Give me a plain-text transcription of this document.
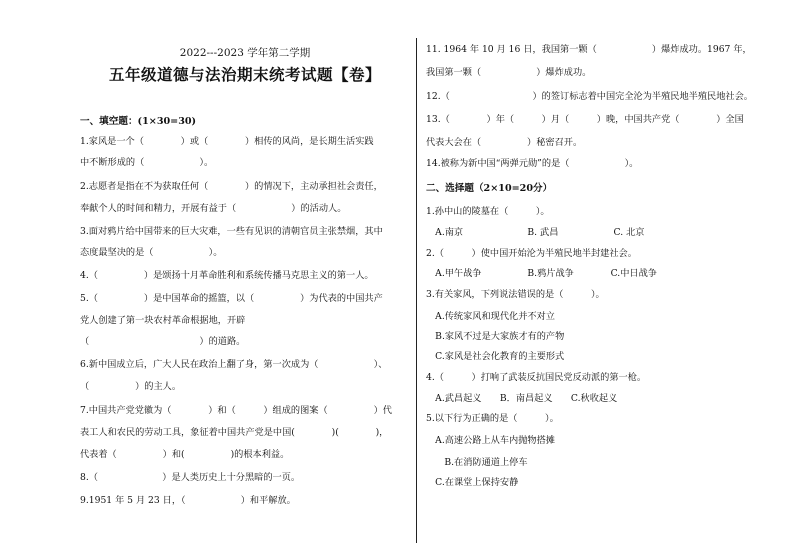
2022---2023 学年第二学期
五年级道德与法治期末统考试题【卷】
一、填空题：(1×30=30)
1.家风是一个（　　　　）或（　　　　）相传的风尚，是长期生活实践
中不断形成的（　　　　　　）。
2.志愿者是指在不为获取任何（　　　　）的情况下，主动承担社会责任，
奉献个人的时间和精力，开展有益于（　　　　　　）的活动人。
3.面对鸦片给中国带来的巨大灾难，一些有见识的清朝官员主张禁烟，其中
态度最坚决的是（　　　　　　）。
4.（　　　　　）是颂扬十月革命胜利和系统传播马克思主义的第一人。
5.（　　　　　）是中国革命的摇篮，以（　　　　　）为代表的中国共产
党人创建了第一块农村革命根据地，开辟
（　　　　　　　　　　　　）的道路。
6.新中国成立后，广大人民在政治上翻了身，第一次成为（　　　　　　）、
（　　　　　）的主人。
7.中国共产党党徽为（　　　　）和（　　　）组成的图案（　　　　　）代
表工人和农民的劳动工具，象征着中国共产党是中国(　　　　)(　　　　)，
代表着（　　　　　）和(　　　　　)的根本利益。
8.（　　　　　　　）是人类历史上十分黑暗的一页。
9.1951 年 5 月 23 日，（　　　　　　）和平解放。
11. 1964 年 10 月 16 日，我国第一颗（　　　　　　）爆炸成功。1967 年，
我国第一颗（　　　　　　）爆炸成功。
12.（　　　　　　　　　）的签订标志着中国完全沦为半殖民地半殖民地社会。
13.（　　　　）年（　　　）月（　　　）晚，中国共产党（　　　　）全国
代表大会在（　　　　　）秘密召开。
14.被称为新中国“两弹元勋”的是（　　　　　　）。
二、选择题（2×10=20分）
1.孙中山的陵墓在（　　　）。
　A.南京　　　　　　　B. 武昌　　　　　　C. 北京
2.（　　　）使中国开始沦为半殖民地半封建社会。
　A.甲午战争　　　　　B.鸦片战争　　　　C.中日战争
3.有关家风，下列说法错误的是（　　　）。
　A.传统家风和现代化并不对立
　B.家风不过是大家族才有的产物
　C.家风是社会化教育的主要形式
4.（　　　）打响了武装反抗国民党反动派的第一枪。
　A.武昌起义　　B．南昌起义　　C.秋收起义
5.以下行为正确的是（　　　）。
　A.高速公路上从车内抛物搭摊
　　B.在消防通道上停车
　C.在课堂上保持安静
